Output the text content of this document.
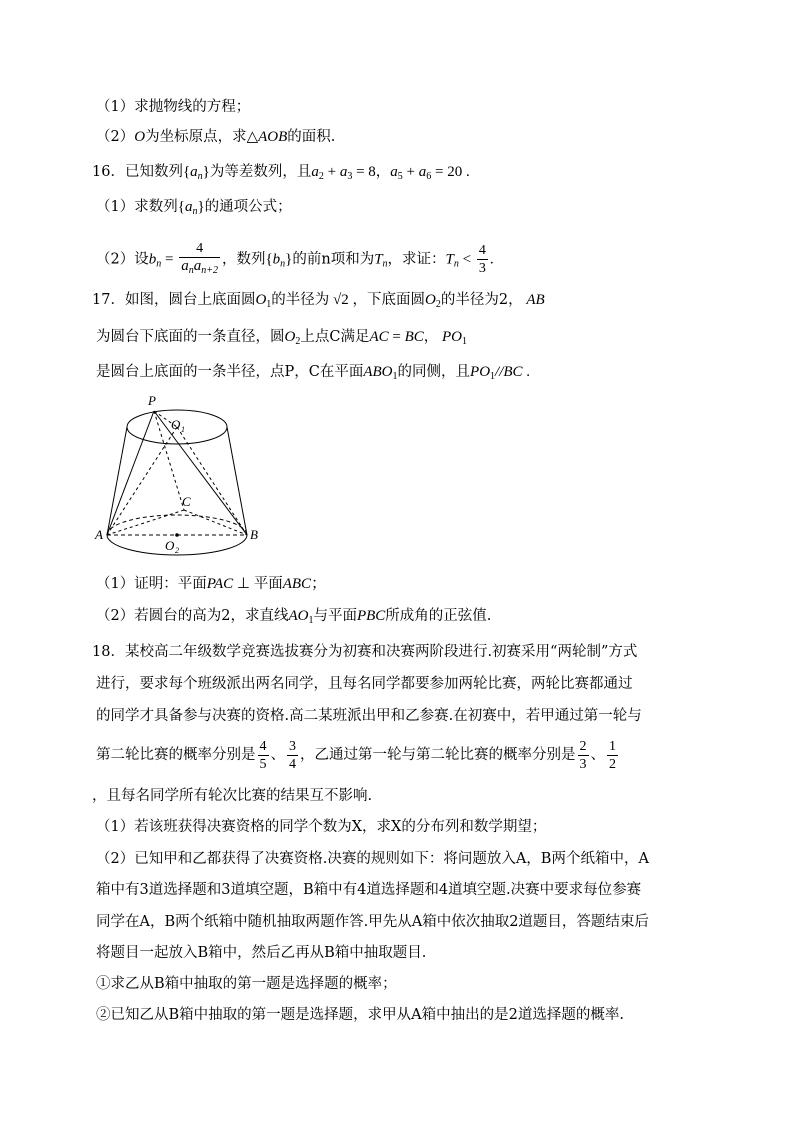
（1）求抛物线的方程；
（2）O为坐标原点，求△AOB的面积.
16．已知数列$\{a_n\}$为等差数列，且$a_2 + a_3 = 8$，$a_5 + a_6 = 20$ .
（1）求数列$\{a_n\}$的通项公式；
（2）设$b_n = \frac{4}{a_na_{n+2}}$ ，数列$\{b_n\}$的前n项和为$T_n$，求证：$T_n < \frac{4}{3}$ .
17．如图，圆台上底面圆$O_1$的半径为 √2 ，下底面圆$O_2$的半径为2， AB
为圆台下底面的一条直径，圆$O_2$上点C满足AC = BC， $PO_1$
是圆台上底面的一条半径，点P，C在平面$ABO_1$的同侧，且$PO_1//BC$ .
P
O 1
C
A	B
O 2
（1）证明：平面PAC ⊥ 平面ABC；
（2）若圆台的高为2，求直线$AO_1$与平面PBC所成角的正弦值.
18．某校高二年级数学竞赛选拔赛分为初赛和决赛两阶段进行.初赛采用“两轮制”方式
进行，要求每个班级派出两名同学，且每名同学都要参加两轮比赛，两轮比赛都通过
的同学才具备参与决赛的资格.高二某班派出甲和乙参赛.在初赛中，若甲通过第一轮与
第二轮比赛的概率分别是 $\frac{4}{5}$ 、 $\frac{3}{4}$ ，乙通过第一轮与第二轮比赛的概率分别是 $\frac{2}{3}$ 、 $\frac{1}{2}$
，且每名同学所有轮次比赛的结果互不影响.
（1）若该班获得决赛资格的同学个数为X，求X的分布列和数学期望；
（2）已知甲和乙都获得了决赛资格.决赛的规则如下：将问题放入A，B两个纸箱中，A
箱中有3道选择题和3道填空题，B箱中有4道选择题和4道填空题.决赛中要求每位参赛
同学在A，B两个纸箱中随机抽取两题作答.甲先从A箱中依次抽取2道题目，答题结束后
将题目一起放入B箱中，然后乙再从B箱中抽取题目.
①求乙从B箱中抽取的第一题是选择题的概率；
②已知乙从B箱中抽取的第一题是选择题，求甲从A箱中抽出的是2道选择题的概率.
